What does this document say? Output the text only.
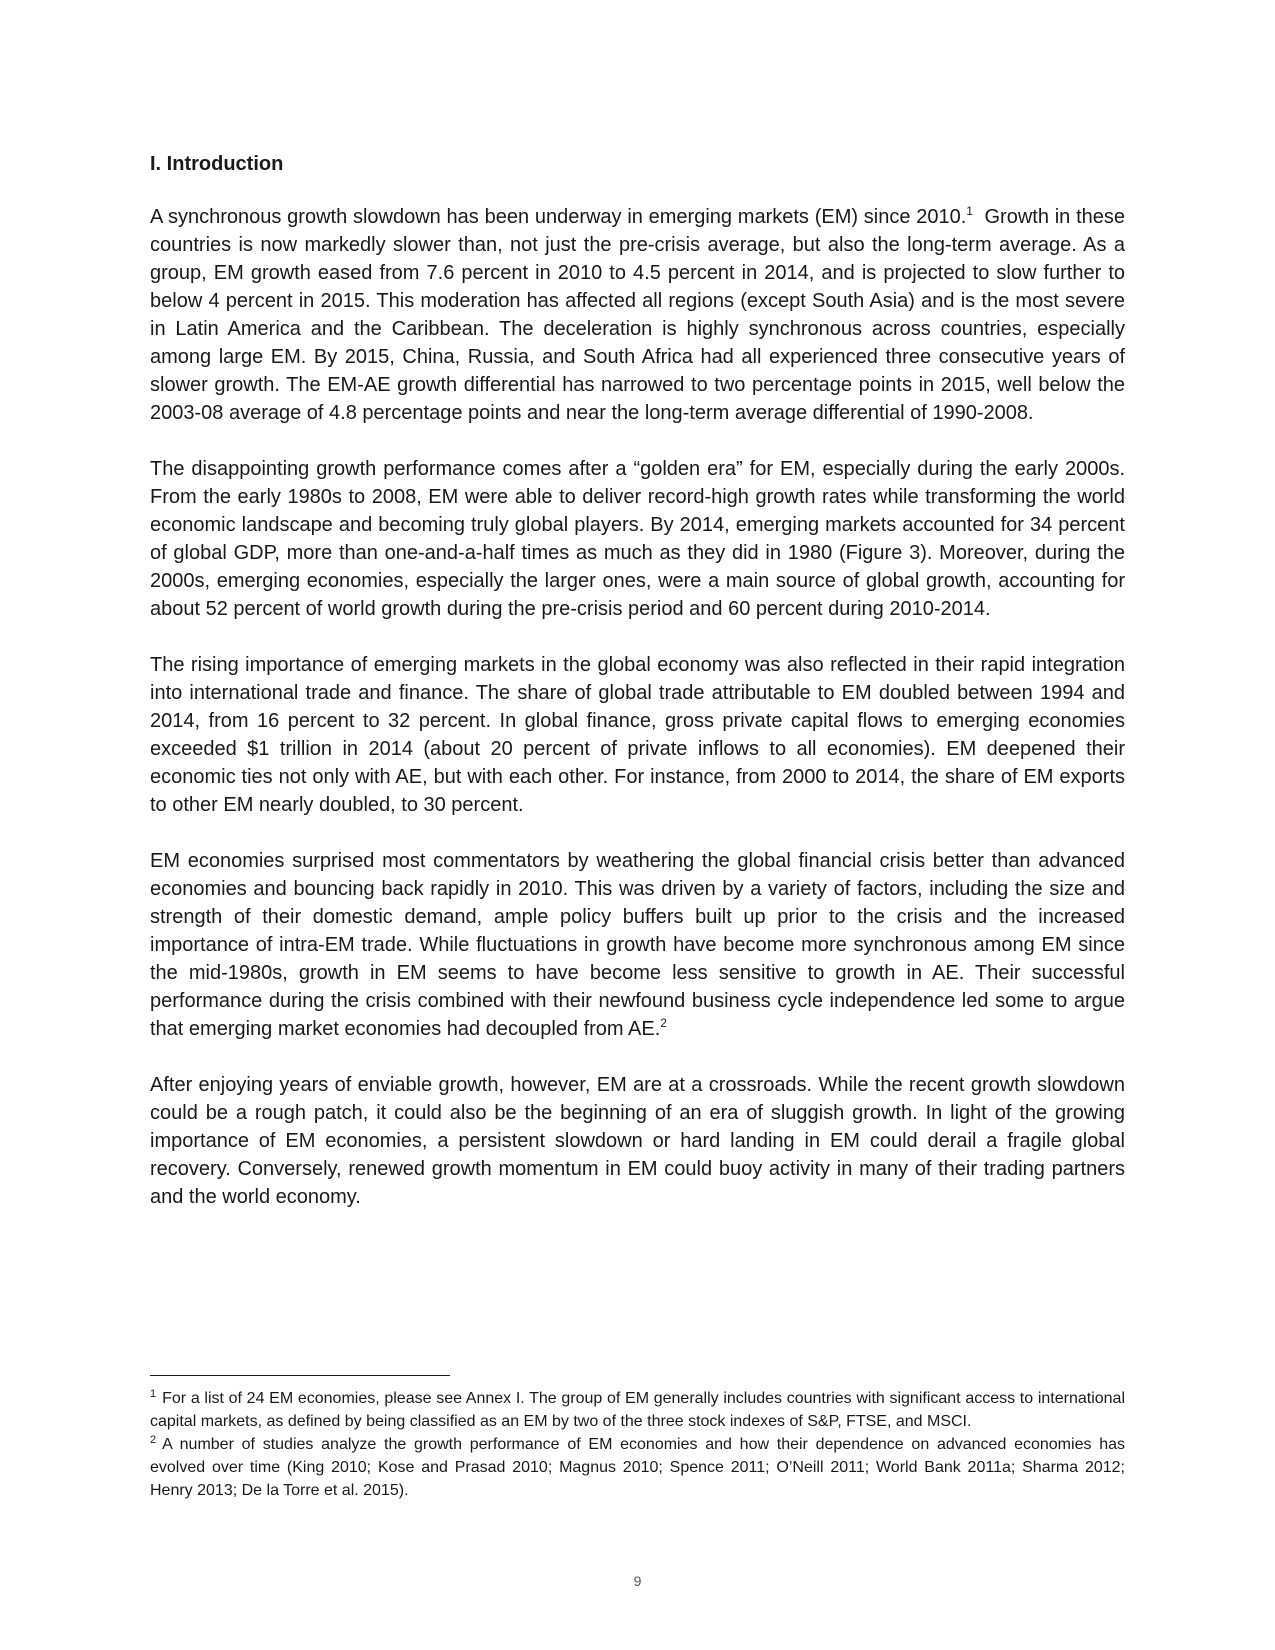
I. Introduction

A synchronous growth slowdown has been underway in emerging markets (EM) since 2010.$^1$  Growth in these countries is now markedly slower than, not just the pre-crisis average, but also the long-term average. As a group, EM growth eased from 7.6 percent in 2010 to 4.5 percent in 2014, and is projected to slow further to below 4 percent in 2015. This moderation has affected all regions (except South Asia) and is the most severe in Latin America and the Caribbean. The deceleration is highly synchronous across countries, especially among large EM. By 2015, China, Russia, and South Africa had all experienced three consecutive years of slower growth. The EM-AE growth differential has narrowed to two percentage points in 2015, well below the 2003-08 average of 4.8 percentage points and near the long-term average differential of 1990-2008.

The disappointing growth performance comes after a “golden era” for EM, especially during the early 2000s. From the early 1980s to 2008, EM were able to deliver record-high growth rates while transforming the world economic landscape and becoming truly global players. By 2014, emerging markets accounted for 34 percent of global GDP, more than one-and-a-half times as much as they did in 1980 (Figure 3). Moreover, during the 2000s, emerging economies, especially the larger ones, were a main source of global growth, accounting for about 52 percent of world growth during the pre-crisis period and 60 percent during 2010-2014.

The rising importance of emerging markets in the global economy was also reflected in their rapid integration into international trade and finance. The share of global trade attributable to EM doubled between 1994 and 2014, from 16 percent to 32 percent. In global finance, gross private capital flows to emerging economies exceeded $1 trillion in 2014 (about 20 percent of private inflows to all economies). EM deepened their economic ties not only with AE, but with each other. For instance, from 2000 to 2014, the share of EM exports to other EM nearly doubled, to 30 percent.

EM economies surprised most commentators by weathering the global financial crisis better than advanced economies and bouncing back rapidly in 2010. This was driven by a variety of factors, including the size and strength of their domestic demand, ample policy buffers built up prior to the crisis and the increased importance of intra-EM trade. While fluctuations in growth have become more synchronous among EM since the mid-1980s, growth in EM seems to have become less sensitive to growth in AE. Their successful performance during the crisis combined with their newfound business cycle independence led some to argue that emerging market economies had decoupled from AE.$^2$

After enjoying years of enviable growth, however, EM are at a crossroads. While the recent growth slowdown could be a rough patch, it could also be the beginning of an era of sluggish growth. In light of the growing importance of EM economies, a persistent slowdown or hard landing in EM could derail a fragile global recovery. Conversely, renewed growth momentum in EM could buoy activity in many of their trading partners and the world economy.

$^1$ For a list of 24 EM economies, please see Annex I. The group of EM generally includes countries with significant access to international capital markets, as defined by being classified as an EM by two of the three stock indexes of S&P, FTSE, and MSCI.

$^2$ A number of studies analyze the growth performance of EM economies and how their dependence on advanced economies has evolved over time (King 2010; Kose and Prasad 2010; Magnus 2010; Spence 2011; O’Neill 2011; World Bank 2011a; Sharma 2012; Henry 2013; De la Torre et al. 2015).

9
